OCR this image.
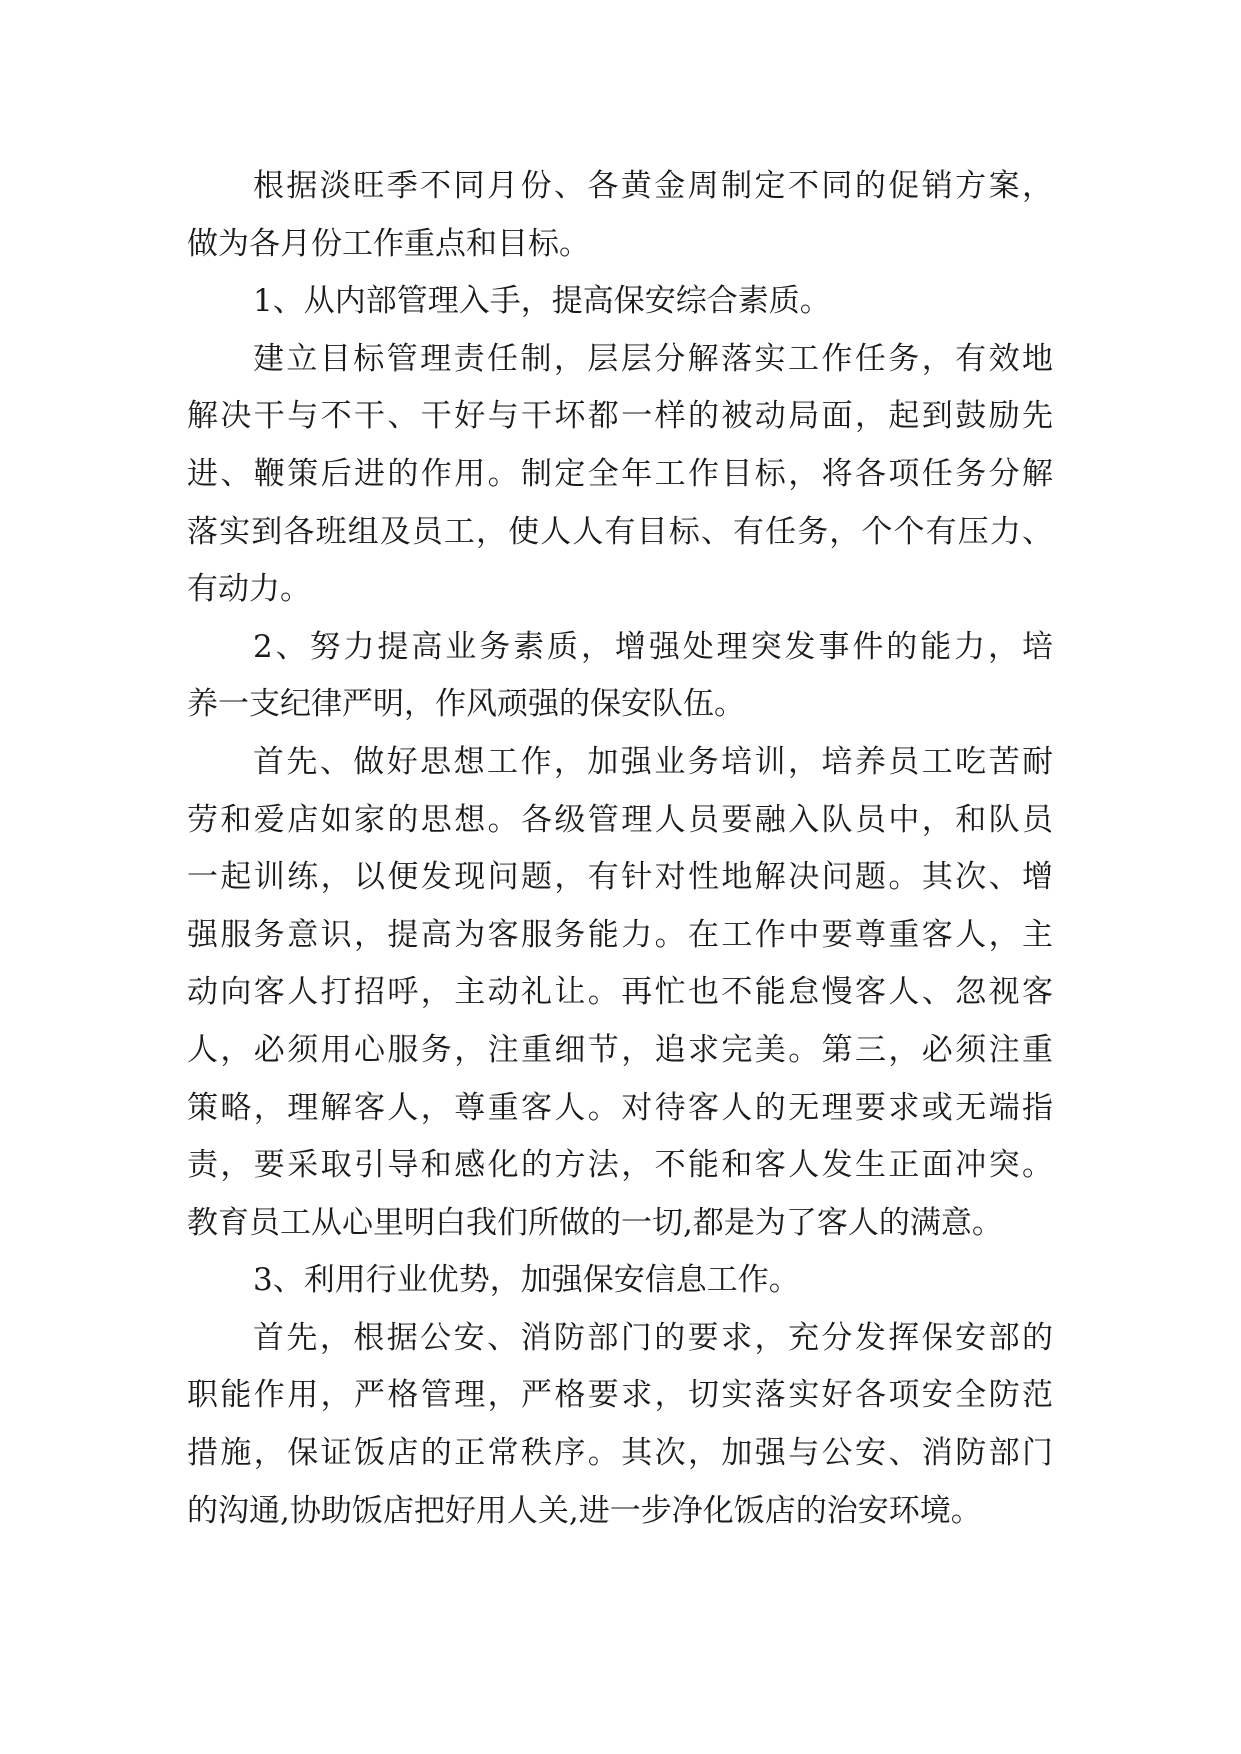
根据淡旺季不同月份、各黄金周制定不同的促销方案，
做为各月份工作重点和目标。
1、从内部管理入手，提高保安综合素质。
建立目标管理责任制，层层分解落实工作任务，有效地
解决干与不干、干好与干坏都一样的被动局面，起到鼓励先
进、鞭策后进的作用。制定全年工作目标，将各项任务分解
落实到各班组及员工，使人人有目标、有任务，个个有压力、
有动力。
2、努力提高业务素质，增强处理突发事件的能力，培
养一支纪律严明，作风顽强的保安队伍。
首先、做好思想工作，加强业务培训，培养员工吃苦耐
劳和爱店如家的思想。各级管理人员要融入队员中，和队员
一起训练，以便发现问题，有针对性地解决问题。其次、增
强服务意识，提高为客服务能力。在工作中要尊重客人，主
动向客人打招呼，主动礼让。再忙也不能怠慢客人、忽视客
人，必须用心服务，注重细节，追求完美。第三，必须注重
策略，理解客人，尊重客人。对待客人的无理要求或无端指
责，要采取引导和感化的方法，不能和客人发生正面冲突。
教育员工从心里明白我们所做的一切,都是为了客人的满意。
3、利用行业优势，加强保安信息工作。
首先，根据公安、消防部门的要求，充分发挥保安部的
职能作用，严格管理，严格要求，切实落实好各项安全防范
措施，保证饭店的正常秩序。其次，加强与公安、消防部门
的沟通,协助饭店把好用人关,进一步净化饭店的治安环境。
